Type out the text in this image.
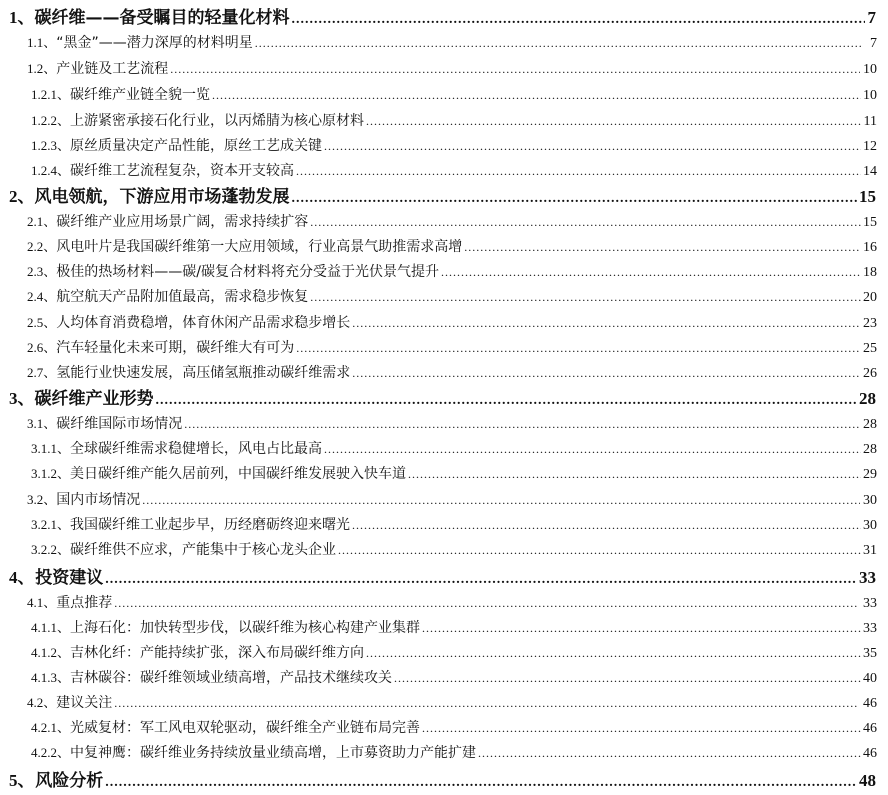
1、 碳纤维——备受瞩目的轻量化材料 .....	7
1.1、 “黑金”——潜力深厚的材料明星 .....	7
1.2、 产业链及工艺流程 .....	10
1.2.1、 碳纤维产业链全貌一览 .....	10
1.2.2、 上游紧密承接石化行业，以丙烯腈为核心原材料 .....	11
1.2.3、 原丝质量决定产品性能，原丝工艺成关键 .....	12
1.2.4、 碳纤维工艺流程复杂，资本开支较高 .....	14
2、 风电领航，下游应用市场蓬勃发展 .....	15
2.1、 碳纤维产业应用场景广阔，需求持续扩容 .....	15
2.2、 风电叶片是我国碳纤维第一大应用领域，行业高景气助推需求高增 .....	16
2.3、 极佳的热场材料——碳/碳复合材料将充分受益于光伏景气提升 .....	18
2.4、 航空航天产品附加值最高，需求稳步恢复 .....	20
2.5、 人均体育消费稳增，体育休闲产品需求稳步增长 .....	23
2.6、 汽车轻量化未来可期，碳纤维大有可为 .....	25
2.7、 氢能行业快速发展，高压储氢瓶推动碳纤维需求 .....	26
3、 碳纤维产业形势 .....	28
3.1、 碳纤维国际市场情况 .....	28
3.1.1、 全球碳纤维需求稳健增长，风电占比最高 .....	28
3.1.2、 美日碳纤维产能久居前列，中国碳纤维发展驶入快车道 .....	29
3.2、 国内市场情况 .....	30
3.2.1、 我国碳纤维工业起步早，历经磨砺终迎来曙光 .....	30
3.2.2、 碳纤维供不应求，产能集中于核心龙头企业 .....	31
4、 投资建议 .....	33
4.1、 重点推荐 .....	33
4.1.1、 上海石化：加快转型步伐，以碳纤维为核心构建产业集群 .....	33
4.1.2、 吉林化纤：产能持续扩张，深入布局碳纤维方向 .....	35
4.1.3、 吉林碳谷：碳纤维领域业绩高增，产品技术继续攻关 .....	40
4.2、 建议关注 .....	46
4.2.1、 光威复材：军工风电双轮驱动，碳纤维全产业链布局完善 .....	46
4.2.2、 中复神鹰：碳纤维业务持续放量业绩高增，上市募资助力产能扩建 .....	46
5、 风险分析 .....	48
